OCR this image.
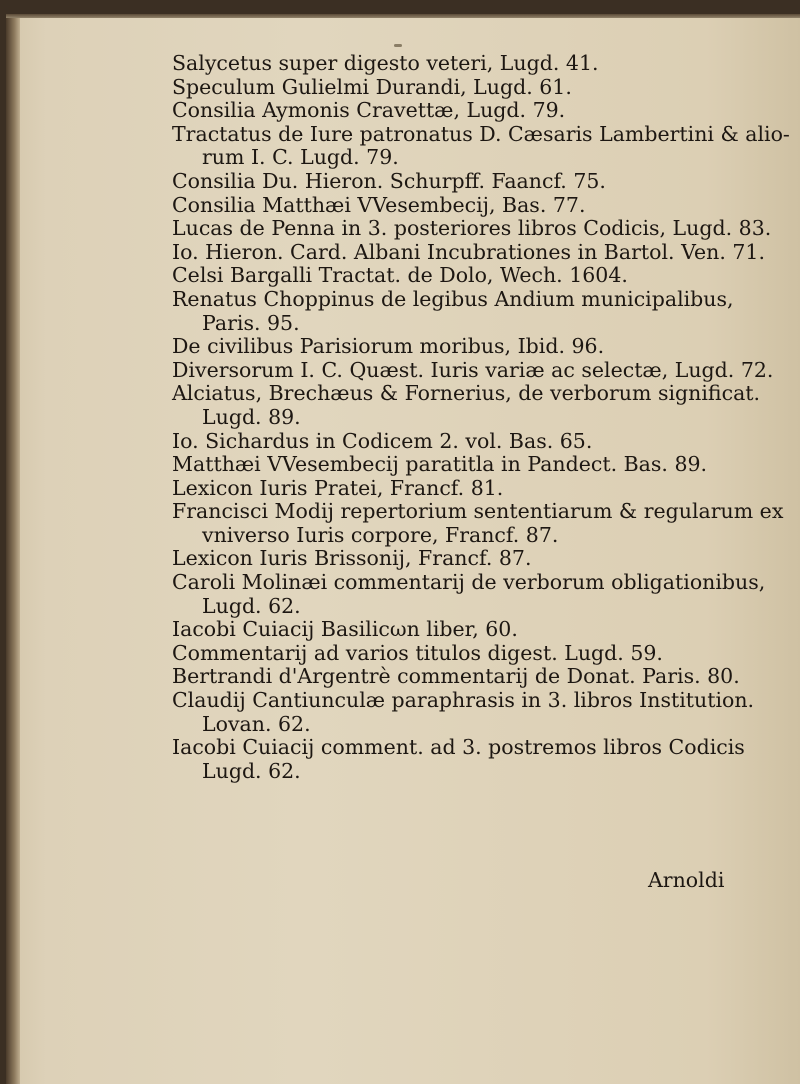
Salycetus super digesto veteri, Lugd. 41.
Speculum Gulielmi Durandi, Lugd. 61.
Consilia Aymonis Cravettæ, Lugd. 79.
Tractatus de Iure patronatus D. Cæsaris Lambertini & alio-
rum I. C. Lugd. 79.
Consilia Du. Hieron. Schurpff. Faancf. 75.
Consilia Matthæi VVesembecij, Bas. 77.
Lucas de Penna in 3. posteriores libros Codicis, Lugd. 83.
Io. Hieron. Card. Albani Incubrationes in Bartol. Ven. 71.
Celsi Bargalli Tractat. de Dolo, Wech. 1604.
Renatus Choppinus de legibus Andium municipalibus,
Paris. 95.
De civilibus Parisiorum moribus, Ibid. 96.
Diversorum I. C. Quæst. Iuris variæ ac selectæ, Lugd. 72.
Alciatus, Brechæus & Fornerius, de verborum significat.
Lugd. 89.
Io. Sichardus in Codicem 2. vol. Bas. 65.
Matthæi VVesembecij paratitla in Pandect. Bas. 89.
Lexicon Iuris Pratei, Francf. 81.
Francisci Modij repertorium sententiarum & regularum ex
vniverso Iuris corpore, Francf. 87.
Lexicon Iuris Brissonij, Francf. 87.
Caroli Molinæi commentarij de verborum obligationibus,
Lugd. 62.
Iacobi Cuiacij Basilicωn liber, 60.
Commentarij ad varios titulos digest. Lugd. 59.
Bertrandi d'Argentrè commentarij de Donat. Paris. 80.
Claudij Cantiunculæ paraphrasis in 3. libros Institution.
Lovan. 62.
Iacobi Cuiacij comment. ad 3. postremos libros Codicis
Lugd. 62.
Arnoldi
